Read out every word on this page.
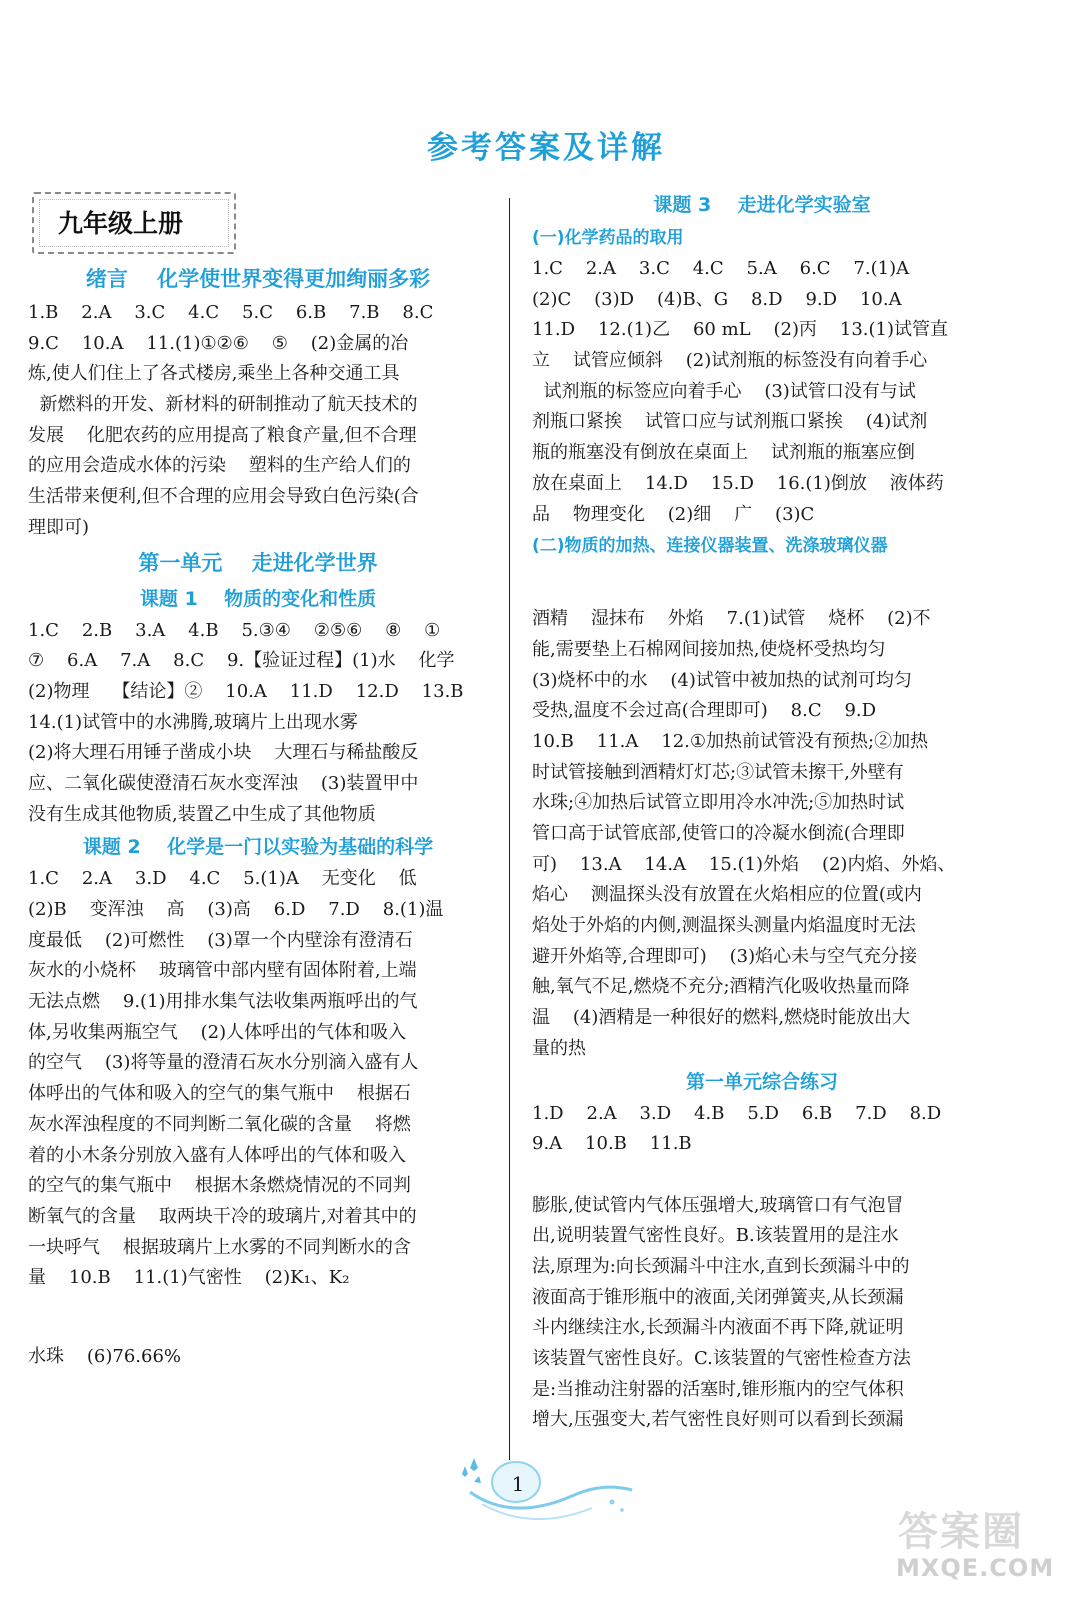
参考答案及详解
九年级上册
绪言    化学使世界变得更加绚丽多彩
1.B    2.A    3.C    4.C    5.C    6.B    7.B    8.C
9.C    10.A    11.(1)①②⑥    ⑤    (2)金属的冶
炼,使人们住上了各式楼房,乘坐上各种交通工具
新燃料的开发、新材料的研制推动了航天技术的
发展    化肥农药的应用提高了粮食产量,但不合理
的应用会造成水体的污染    塑料的生产给人们的
生活带来便利,但不合理的应用会导致白色污染(合
理即可)
第一单元    走进化学世界
课题 1    物质的变化和性质
1.C    2.B    3.A    4.B    5.③④    ②⑤⑥    ⑧    ①
⑦    6.A    7.A    8.C    9.【验证过程】(1)水    化学
(2)物理    【结论】②    10.A    11.D    12.D    13.B
14.(1)试管中的水沸腾,玻璃片上出现水雾
(2)将大理石用锤子凿成小块    大理石与稀盐酸反
应、二氧化碳使澄清石灰水变浑浊    (3)装置甲中
没有生成其他物质,装置乙中生成了其他物质
课题 2    化学是一门以实验为基础的科学
1.C    2.A    3.D    4.C    5.(1)A    无变化    低
(2)B    变浑浊    高    (3)高    6.D    7.D    8.(1)温
度最低    (2)可燃性    (3)罩一个内壁涂有澄清石
灰水的小烧杯    玻璃管中部内壁有固体附着,上端
无法点燃    9.(1)用排水集气法收集两瓶呼出的气
体,另收集两瓶空气    (2)人体呼出的气体和吸入
的空气    (3)将等量的澄清石灰水分别滴入盛有人
体呼出的气体和吸入的空气的集气瓶中    根据石
灰水浑浊程度的不同判断二氧化碳的含量    将燃
着的小木条分别放入盛有人体呼出的气体和吸入
的空气的集气瓶中    根据木条燃烧情况的不同判
断氧气的含量    取两块干冷的玻璃片,对着其中的
一块呼气    根据玻璃片上水雾的不同判断水的含
量    10.B    11.(1)气密性    (2)K₁、K₂

水珠    (6)76.66%
课题 3    走进化学实验室
(一)化学药品的取用
1.C    2.A    3.C    4.C    5.A    6.C    7.(1)A
(2)C    (3)D    (4)B、G    8.D    9.D    10.A
11.D    12.(1)乙    60 mL    (2)丙    13.(1)试管直
立    试管应倾斜    (2)试剂瓶的标签没有向着手心
试剂瓶的标签应向着手心    (3)试管口没有与试
剂瓶口紧挨    试管口应与试剂瓶口紧挨    (4)试剂
瓶的瓶塞没有倒放在桌面上    试剂瓶的瓶塞应倒
放在桌面上    14.D    15.D    16.(1)倒放    液体药
品    物理变化    (2)细    广    (3)C
(二)物质的加热、连接仪器装置、洗涤玻璃仪器

酒精    湿抹布    外焰    7.(1)试管    烧杯    (2)不
能,需要垫上石棉网间接加热,使烧杯受热均匀
(3)烧杯中的水    (4)试管中被加热的试剂可均匀
受热,温度不会过高(合理即可)    8.C    9.D
10.B    11.A    12.①加热前试管没有预热;②加热
时试管接触到酒精灯灯芯;③试管未擦干,外壁有
水珠;④加热后试管立即用冷水冲洗;⑤加热时试
管口高于试管底部,使管口的冷凝水倒流(合理即
可)    13.A    14.A    15.(1)外焰    (2)内焰、外焰、
焰心    测温探头没有放置在火焰相应的位置(或内
焰处于外焰的内侧,测温探头测量内焰温度时无法
避开外焰等,合理即可)    (3)焰心未与空气充分接
触,氧气不足,燃烧不充分;酒精汽化吸收热量而降
温    (4)酒精是一种很好的燃料,燃烧时能放出大
量的热
第一单元综合练习
1.D    2.A    3.D    4.B    5.D    6.B    7.D    8.D
9.A    10.B    11.B

膨胀,使试管内气体压强增大,玻璃管口有气泡冒
出,说明装置气密性良好。B.该装置用的是注水
法,原理为:向长颈漏斗中注水,直到长颈漏斗中的
液面高于锥形瓶中的液面,关闭弹簧夹,从长颈漏
斗内继续注水,长颈漏斗内液面不再下降,就证明
该装置气密性良好。C.该装置的气密性检查方法
是:当推动注射器的活塞时,锥形瓶内的空气体积
增大,压强变大,若气密性良好则可以看到长颈漏
1
答案圈
MXQE.COM
